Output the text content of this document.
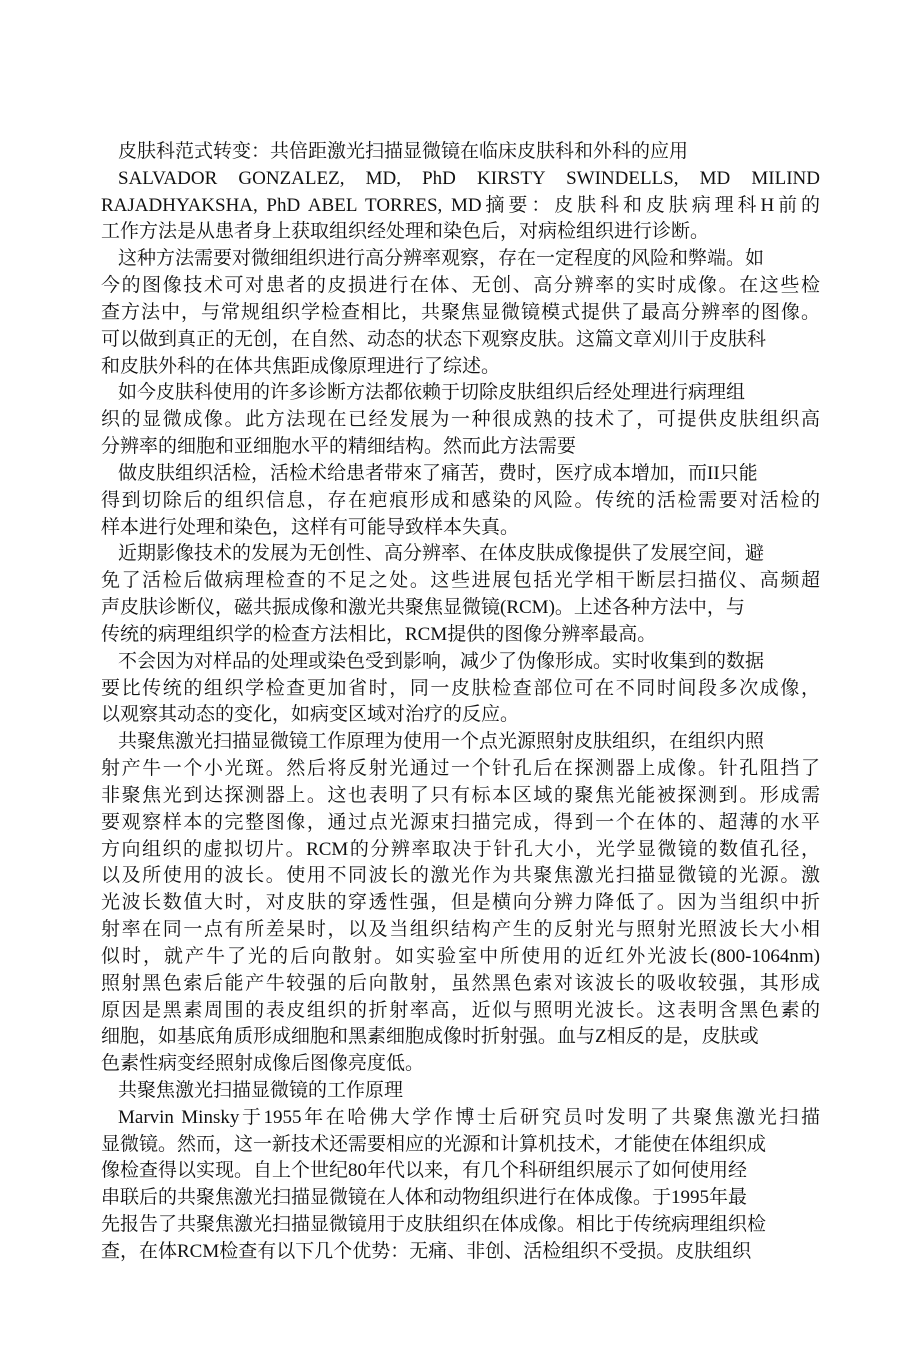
皮肤科范式转变：共倍距激光扫描显微镜在临床皮肤科和外科的应用
SALVADOR GONZALEZ, MD, PhD KIRSTY SWINDELLS, MD MILIND
RAJADHYAKSHA, PhD ABEL TORRES, MD摘要：皮肤科和皮肤病理科H前的
工作方法是从患者身上获取组织经处理和染色后，对病检组织进行诊断。
这种方法需要对微细组织进行高分辨率观察，存在一定程度的风险和弊端。如
今的图像技术可对患者的皮损进行在体、无创、高分辨率的实时成像。在这些检
查方法中，与常规组织学检查相比，共聚焦显微镜模式提供了最高分辨率的图像。
可以做到真正的无创，在自然、动态的状态下观察皮肤。这篇文章刈川于皮肤科
和皮肤外科的在体共焦距成像原理进行了综述。
如今皮肤科使用的许多诊断方法都依赖于切除皮肤组织后经处理进行病理组
织的显微成像。此方法现在已经发展为一种很成熟的技术了，可提供皮肤组织高
分辨率的细胞和亚细胞水平的精细结构。然而此方法需要
做皮肤组织活检，活检术给患者带來了痛苦，费时，医疗成本增加，而II只能
得到切除后的组织信息，存在疤痕形成和感染的风险。传统的活检需要对活检的
样本进行处理和染色，这样有可能导致样本失真。
近期影像技术的发展为无创性、高分辨率、在体皮肤成像提供了发展空间，避
免了活检后做病理检查的不足之处。这些进展包括光学相干断层扫描仪、高频超
声皮肤诊断仪，磁共振成像和激光共聚焦显微镜(RCM)。上述各种方法中，与
传统的病理组织学的检查方法相比，RCM提供的图像分辨率最高。
不会因为对样品的处理或染色受到影响，减少了伪像形成。实时收集到的数据
要比传统的组织学检查更加省时，同一皮肤检查部位可在不同时间段多次成像，
以观察其动态的变化，如病变区域对治疗的反应。
共聚焦激光扫描显微镜工作原理为使用一个点光源照射皮肤组织，在组织内照
射产牛一个小光斑。然后将反射光通过一个针孔后在探测器上成像。针孔阻挡了
非聚焦光到达探测器上。这也表明了只有标本区域的聚焦光能被探测到。形成需
要观察样本的完整图像，通过点光源束扫描完成，得到一个在体的、超薄的水平
方向组织的虚拟切片。RCM的分辨率取决于针孔大小，光学显微镜的数值孔径，
以及所使用的波长。使用不同波长的激光作为共聚焦激光扫描显微镜的光源。激
光波长数值大时，对皮肤的穿透性强，但是横向分辨力降低了。因为当组织中折
射率在同一点有所差杲时，以及当组织结构产生的反射光与照射光照波长大小相
似时，就产牛了光的后向散射。如实验室中所使用的近红外光波长(800-1064nm)
照射黑色索后能产牛较强的后向散射，虽然黑色索对该波长的吸收较强，其形成
原因是黑素周围的表皮组织的折射率高，近似与照明光波长。这表明含黑色素的
细胞，如基底角质形成细胞和黑素细胞成像时折射强。血与Z相反的是，皮肤或
色素性病变经照射成像后图像亮度低。
共聚焦激光扫描显微镜的工作原理
Marvin Minsky于1955年在哈佛大学作博士后研究员吋发明了共聚焦激光扫描
显微镜。然而，这一新技术还需要相应的光源和计算机技术，才能使在体组织成
像检查得以实现。自上个世纪80年代以来，有几个科研组织展示了如何使用经
串联后的共聚焦激光扫描显微镜在人体和动物组织进行在体成像。于1995年最
先报告了共聚焦激光扫描显微镜用于皮肤组织在体成像。相比于传统病理组织检
查，在体RCM检查有以下几个优势：无痛、非创、活检组织不受损。皮肤组织
